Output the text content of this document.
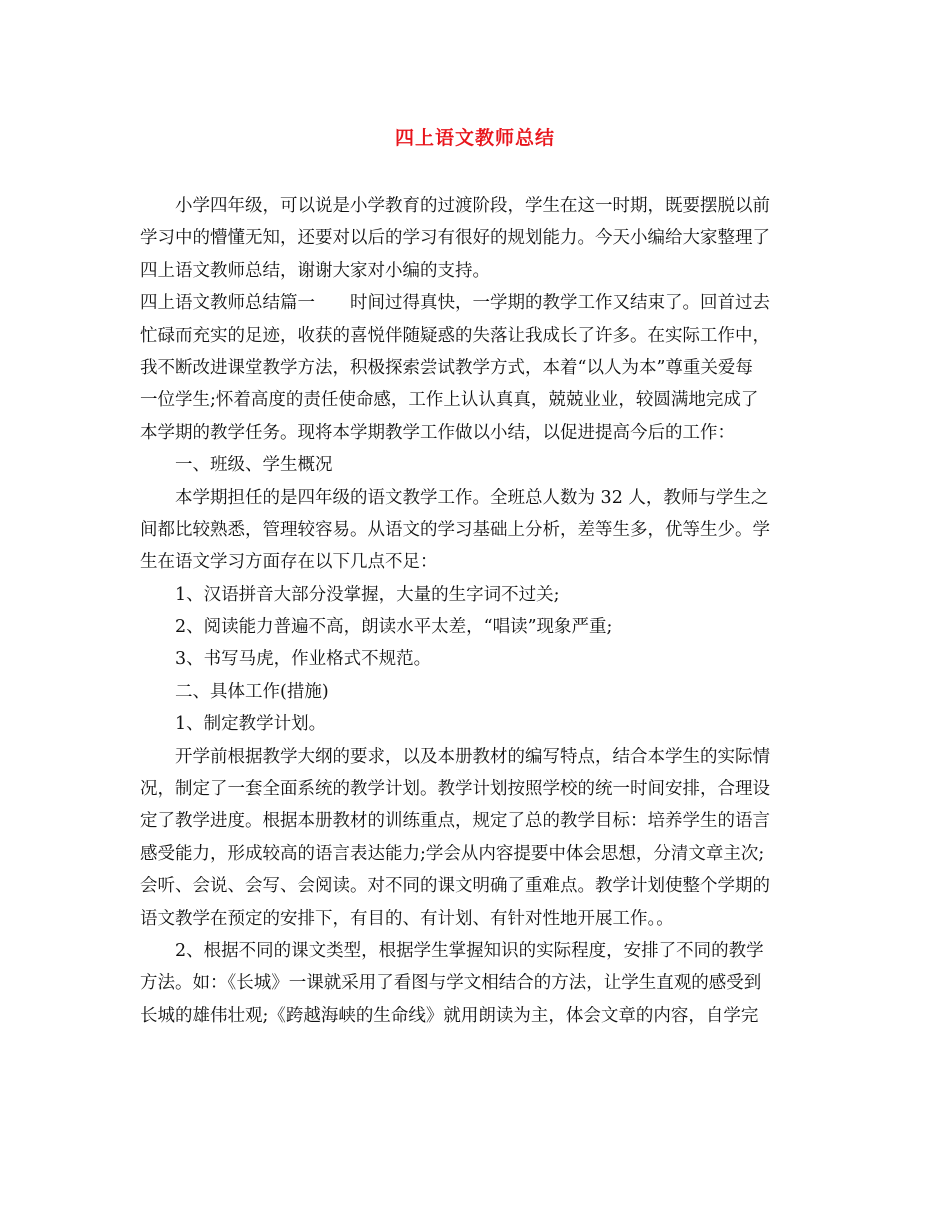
四上语文教师总结
　　小学四年级，可以说是小学教育的过渡阶段，学生在这一时期，既要摆脱以前
学习中的懵懂无知，还要对以后的学习有很好的规划能力。今天小编给大家整理了
四上语文教师总结，谢谢大家对小编的支持。
四上语文教师总结篇一　　时间过得真快，一学期的教学工作又结束了。回首过去
忙碌而充实的足迹，收获的喜悦伴随疑惑的失落让我成长了许多。在实际工作中，
我不断改进课堂教学方法，积极探索尝试教学方式，本着“以人为本”尊重关爱每
一位学生;怀着高度的责任使命感，工作上认认真真，兢兢业业，较圆满地完成了
本学期的教学任务。现将本学期教学工作做以小结，以促进提高今后的工作：
　　一、班级、学生概况
　　本学期担任的是四年级的语文教学工作。全班总人数为 32 人，教师与学生之
间都比较熟悉，管理较容易。从语文的学习基础上分析，差等生多，优等生少。学
生在语文学习方面存在以下几点不足：
　　1、汉语拼音大部分没掌握，大量的生字词不过关;
　　2、阅读能力普遍不高，朗读水平太差，“唱读”现象严重;
　　3、书写马虎，作业格式不规范。
　　二、具体工作(措施)
　　1、制定教学计划。
　　开学前根据教学大纲的要求，以及本册教材的编写特点，结合本学生的实际情
况，制定了一套全面系统的教学计划。教学计划按照学校的统一时间安排，合理设
定了教学进度。根据本册教材的训练重点，规定了总的教学目标：培养学生的语言
感受能力，形成较高的语言表达能力;学会从内容提要中体会思想，分清文章主次;
会听、会说、会写、会阅读。对不同的课文明确了重难点。教学计划使整个学期的
语文教学在预定的安排下，有目的、有计划、有针对性地开展工作。。
　　2、根据不同的课文类型，根据学生掌握知识的实际程度，安排了不同的教学
方法。如：《长城》一课就采用了看图与学文相结合的方法，让学生直观的感受到
长城的雄伟壮观;《跨越海峡的生命线》就用朗读为主，体会文章的内容，自学完
